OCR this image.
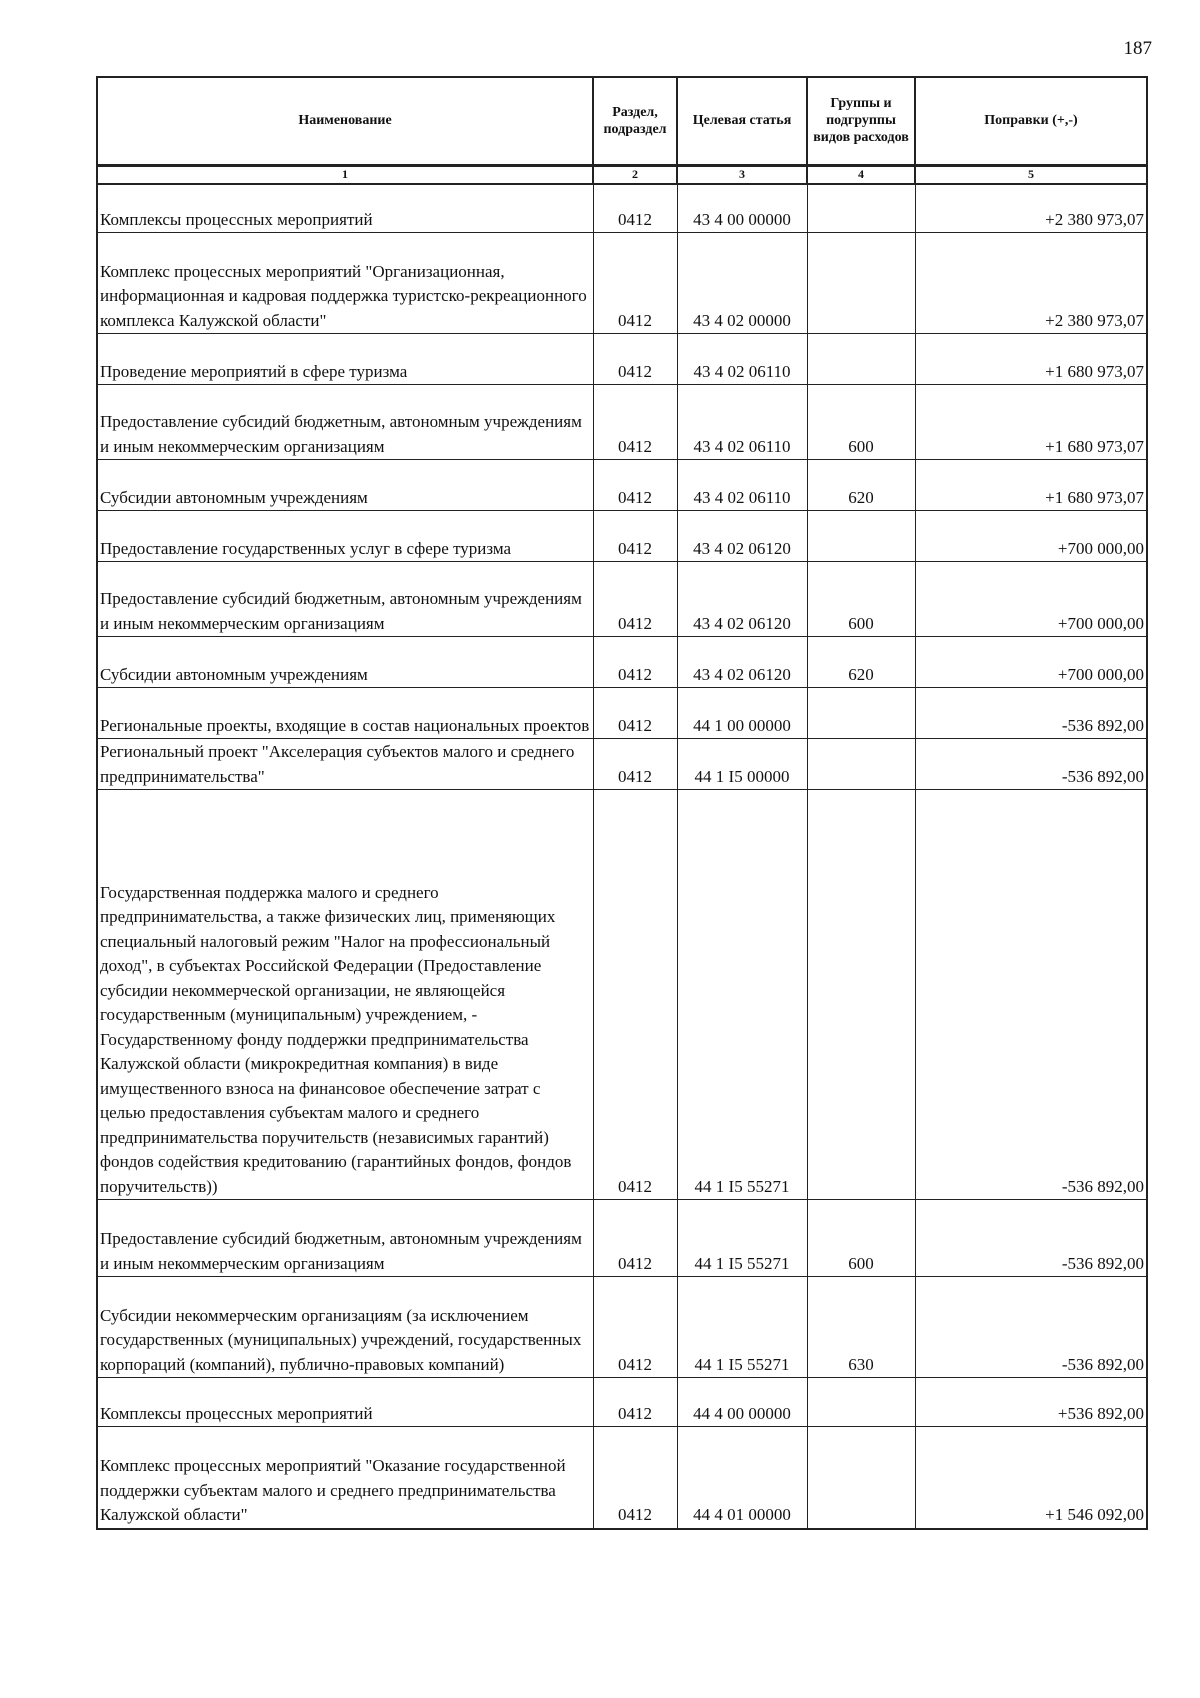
187
Наименование	Раздел, подраздел	Целевая статья	Группы и подгруппы видов расходов	Поправки (+,-)
1	2	3	4	5
Комплексы процессных мероприятий	0412	43 4 00 00000		+2 380 973,07
Комплекс процессных мероприятий "Организационная, информационная и кадровая поддержка туристско-рекреационного комплекса Калужской области"	0412	43 4 02 00000		+2 380 973,07
Проведение мероприятий в сфере туризма	0412	43 4 02 06110		+1 680 973,07
Предоставление субсидий бюджетным, автономным учреждениям и иным некоммерческим организациям	0412	43 4 02 06110	600	+1 680 973,07
Субсидии автономным учреждениям	0412	43 4 02 06110	620	+1 680 973,07
Предоставление государственных услуг в сфере туризма	0412	43 4 02 06120		+700 000,00
Предоставление субсидий бюджетным, автономным учреждениям и иным некоммерческим организациям	0412	43 4 02 06120	600	+700 000,00
Субсидии автономным учреждениям	0412	43 4 02 06120	620	+700 000,00
Региональные проекты, входящие в состав национальных проектов	0412	44 1 00 00000		-536 892,00
Региональный проект "Акселерация субъектов малого и среднего предпринимательства"	0412	44 1 I5 00000		-536 892,00
Государственная поддержка малого и среднего предпринимательства, а также физических лиц, применяющих специальный налоговый режим "Налог на профессиональный доход", в субъектах Российской Федерации (Предоставление субсидии некоммерческой организации, не являющейся государственным (муниципальным) учреждением, - Государственному фонду поддержки предпринимательства Калужской области (микрокредитная компания) в виде имущественного взноса на финансовое обеспечение затрат с целью предоставления субъектам малого и среднего предпринимательства поручительств (независимых гарантий) фондов содействия кредитованию (гарантийных фондов, фондов поручительств))	0412	44 1 I5 55271		-536 892,00
Предоставление субсидий бюджетным, автономным учреждениям и иным некоммерческим организациям	0412	44 1 I5 55271	600	-536 892,00
Субсидии некоммерческим организациям (за исключением государственных (муниципальных) учреждений, государственных корпораций (компаний), публично-правовых компаний)	0412	44 1 I5 55271	630	-536 892,00
Комплексы процессных мероприятий	0412	44 4 00 00000		+536 892,00
Комплекс процессных мероприятий "Оказание государственной поддержки субъектам малого и среднего предпринимательства Калужской области"	0412	44 4 01 00000		+1 546 092,00
